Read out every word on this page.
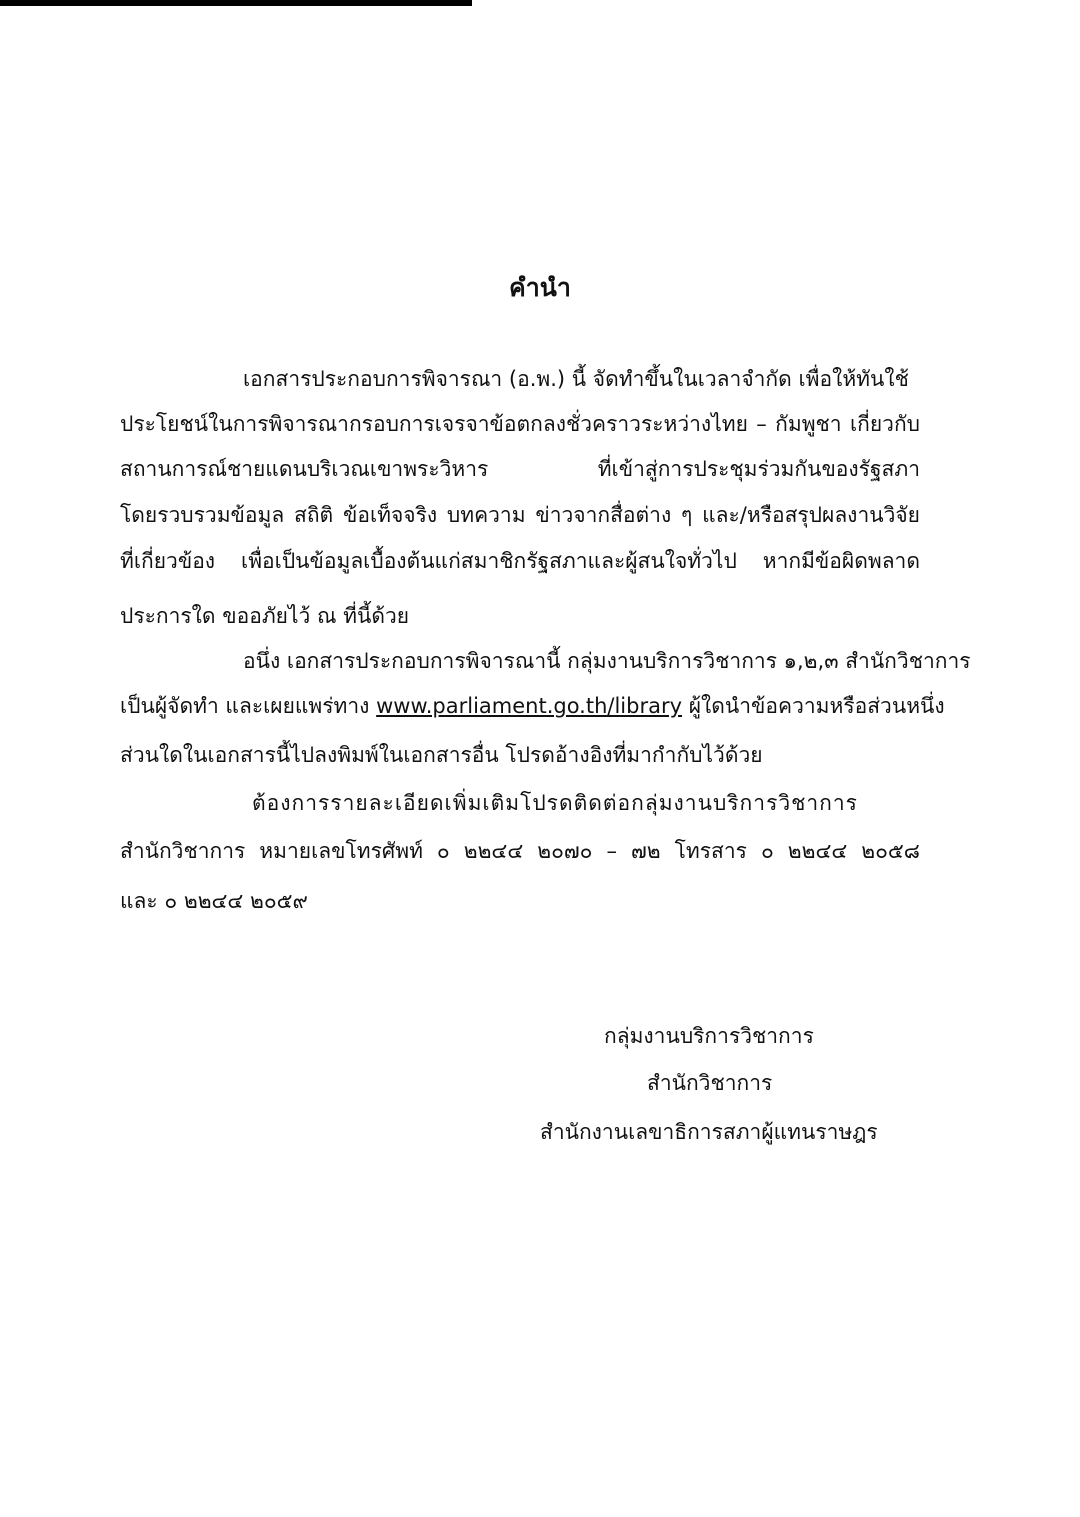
คำนำ

เอกสารประกอบการพิจารณา (อ.พ.) นี้ จัดทำขึ้นในเวลาจำกัด เพื่อให้ทันใช้

ประโยชน์ในการพิจารณากรอบการเจรจาข้อตกลงชั่วคราวระหว่างไทย – กัมพูชา เกี่ยวกับ

สถานการณ์ชายแดนบริเวณเขาพระวิหาร ที่เข้าสู่การประชุมร่วมกันของรัฐสภา

โดยรวบรวมข้อมูล สถิติ ข้อเท็จจริง บทความ ข่าวจากสื่อต่าง ๆ และ/หรือสรุปผลงานวิจัย

ที่เกี่ยวข้อง เพื่อเป็นข้อมูลเบื้องต้นแก่สมาชิกรัฐสภาและผู้สนใจทั่วไป หากมีข้อผิดพลาด

ประการใด ขออภัยไว้ ณ ที่นี้ด้วย

อนึ่ง เอกสารประกอบการพิจารณานี้ กลุ่มงานบริการวิชาการ ๑,๒,๓ สำนักวิชาการ

เป็นผู้จัดทำ และเผยแพร่ทาง www.parliament.go.th/library ผู้ใดนำข้อความหรือส่วนหนึ่ง

ส่วนใดในเอกสารนี้ไปลงพิมพ์ในเอกสารอื่น โปรดอ้างอิงที่มากำกับไว้ด้วย

ต้องการรายละเอียดเพิ่มเติมโปรดติดต่อกลุ่มงานบริการวิชาการ

สำนักวิชาการ หมายเลขโทรศัพท์ ๐ ๒๒๔๔ ๒๐๗๐ – ๗๒ โทรสาร ๐ ๒๒๔๔ ๒๐๕๘

และ ๐ ๒๒๔๔ ๒๐๕๙

กลุ่มงานบริการวิชาการ

สำนักวิชาการ

สำนักงานเลขาธิการสภาผู้แทนราษฎร
